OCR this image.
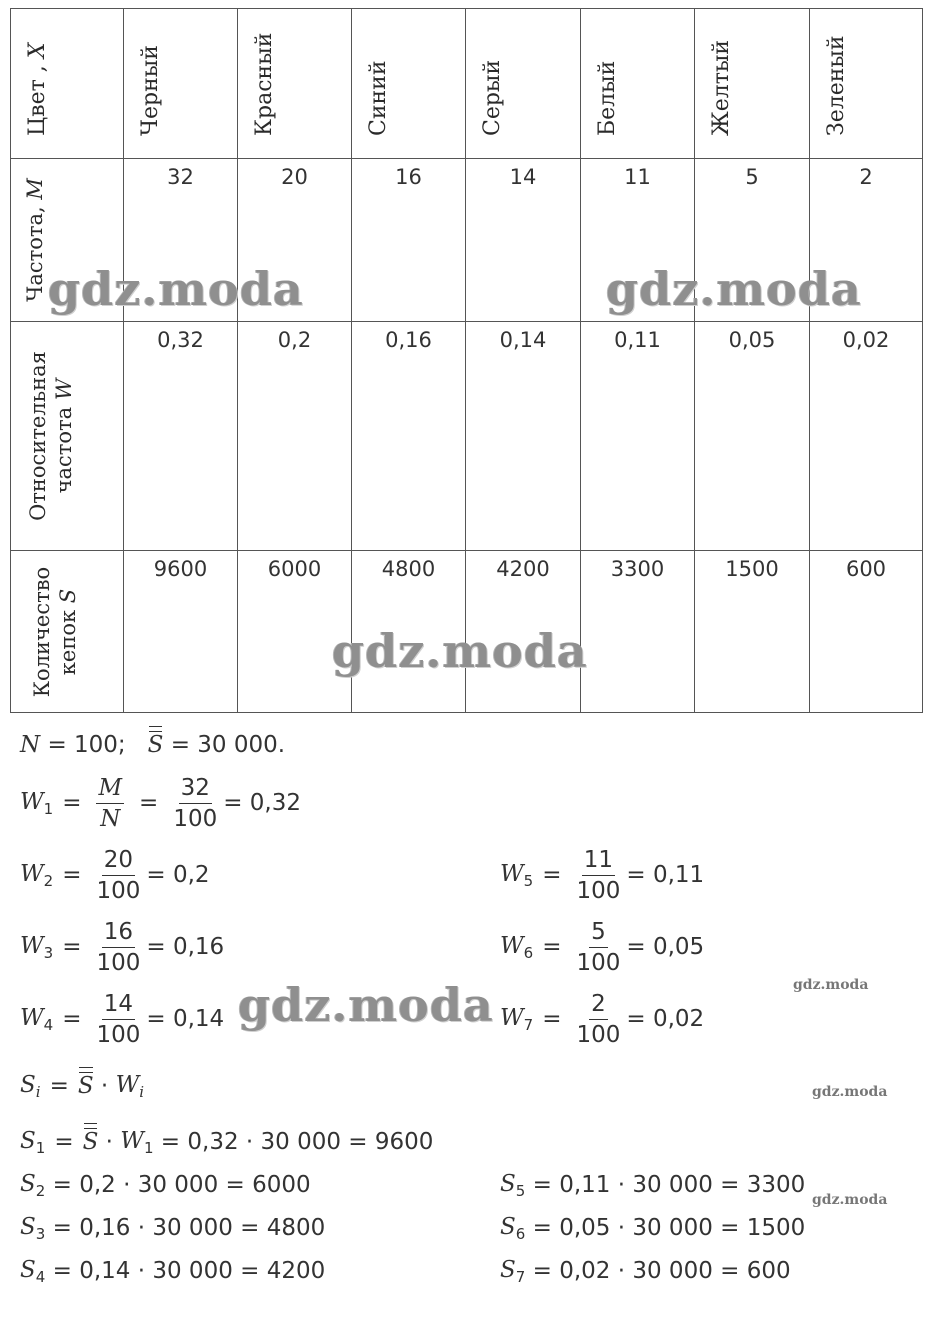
Цвет , X	Черный	Красный	Синий	Серый	Белый	Желтый	Зеленый
Частота, M	32	20	16	14	11	5	2
Относительная
частота W
0,32	0,2	0,16	0,14	0,11	0,05	0,02
Количество
кепок S
9600	6000	4800	4200	3300	1500	600
gdz.moda	gdz.moda
gdz.moda
gdz.moda	gdz.moda
gdz.moda
gdz.moda
N
= 100;
S
= 30 000.
$W_1 = \frac{M}{N} = \frac{32}{100} = 0,32$
$W_2 = \frac{20}{100} = 0,2$
$W_3 = \frac{16}{100} = 0,16$
$W_4 = \frac{14}{100} = 0,14$
$W_5 = \frac{11}{100} = 0,11$
$W_6 = \frac{5}{100} = 0,05$
$W_7 = \frac{2}{100} = 0,02$
$S_i = S \cdot W_i$
$S_1 = S \cdot W_1$
= 0,32 · 30 000 = 9600
$S_2$
= 0,2 · 30 000 = 6000
$S_3$
= 0,16 · 30 000 = 4800
$S_4$
= 0,14 · 30 000 = 4200
$S_5$
= 0,11 · 30 000 = 3300
$S_6$
= 0,05 · 30 000 = 1500
$S_7$
= 0,02 · 30 000 = 600
